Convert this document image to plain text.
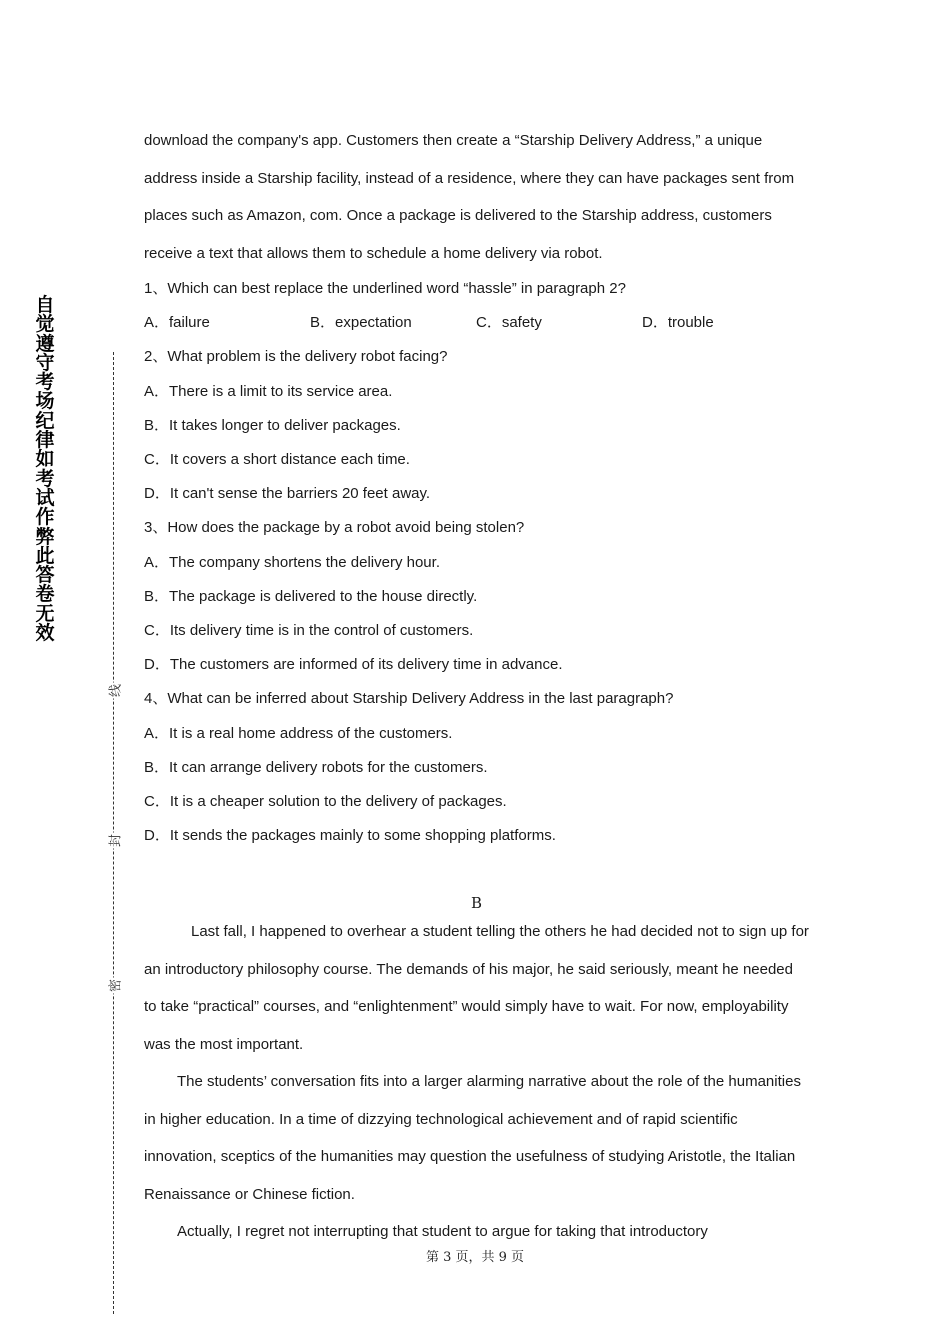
自觉遵守考场纪律如考试作弊此答卷无效
线
封
密

download the company's app. Customers then create a “Starship Delivery Address,” a unique

address inside a Starship facility, instead of a residence, where they can have packages sent from

places such as Amazon, com. Once a package is delivered to the Starship address, customers

receive a text that allows them to schedule a home delivery via robot.

1、Which can best replace the underlined word “hassle” in paragraph 2?

A．failure	B．expectation	C．safety	D．trouble

2、What problem is the delivery robot facing?

A．There is a limit to its service area.

B．It takes longer to deliver packages.

C．It covers a short distance each time.

D．It can't sense the barriers 20 feet away.

3、How does the package by a robot avoid being stolen?

A．The company shortens the delivery hour.

B．The package is delivered to the house directly.

C．Its delivery time is in the control of customers.

D．The customers are informed of its delivery time in advance.

4、What can be inferred about Starship Delivery Address in the last paragraph?

A．It is a real home address of the customers.

B．It can arrange delivery robots for the customers.

C．It is a cheaper solution to the delivery of packages.

D．It sends the packages mainly to some shopping platforms.

B

Last fall, I happened to overhear a student telling the others he had decided not to sign up for an introductory philosophy course. The demands of his major, he said seriously, meant he needed to take “practical” courses, and “enlightenment” would simply have to wait. For now, employability was the most important.

The students’ conversation fits into a larger alarming narrative about the role of the humanities in higher education. In a time of dizzying technological achievement and of rapid scientific innovation, sceptics of the humanities may question the usefulness of studying Aristotle, the Italian Renaissance or Chinese fiction.

Actually, I regret not interrupting that student to argue for taking that introductory

第 3 页，共 9 页
